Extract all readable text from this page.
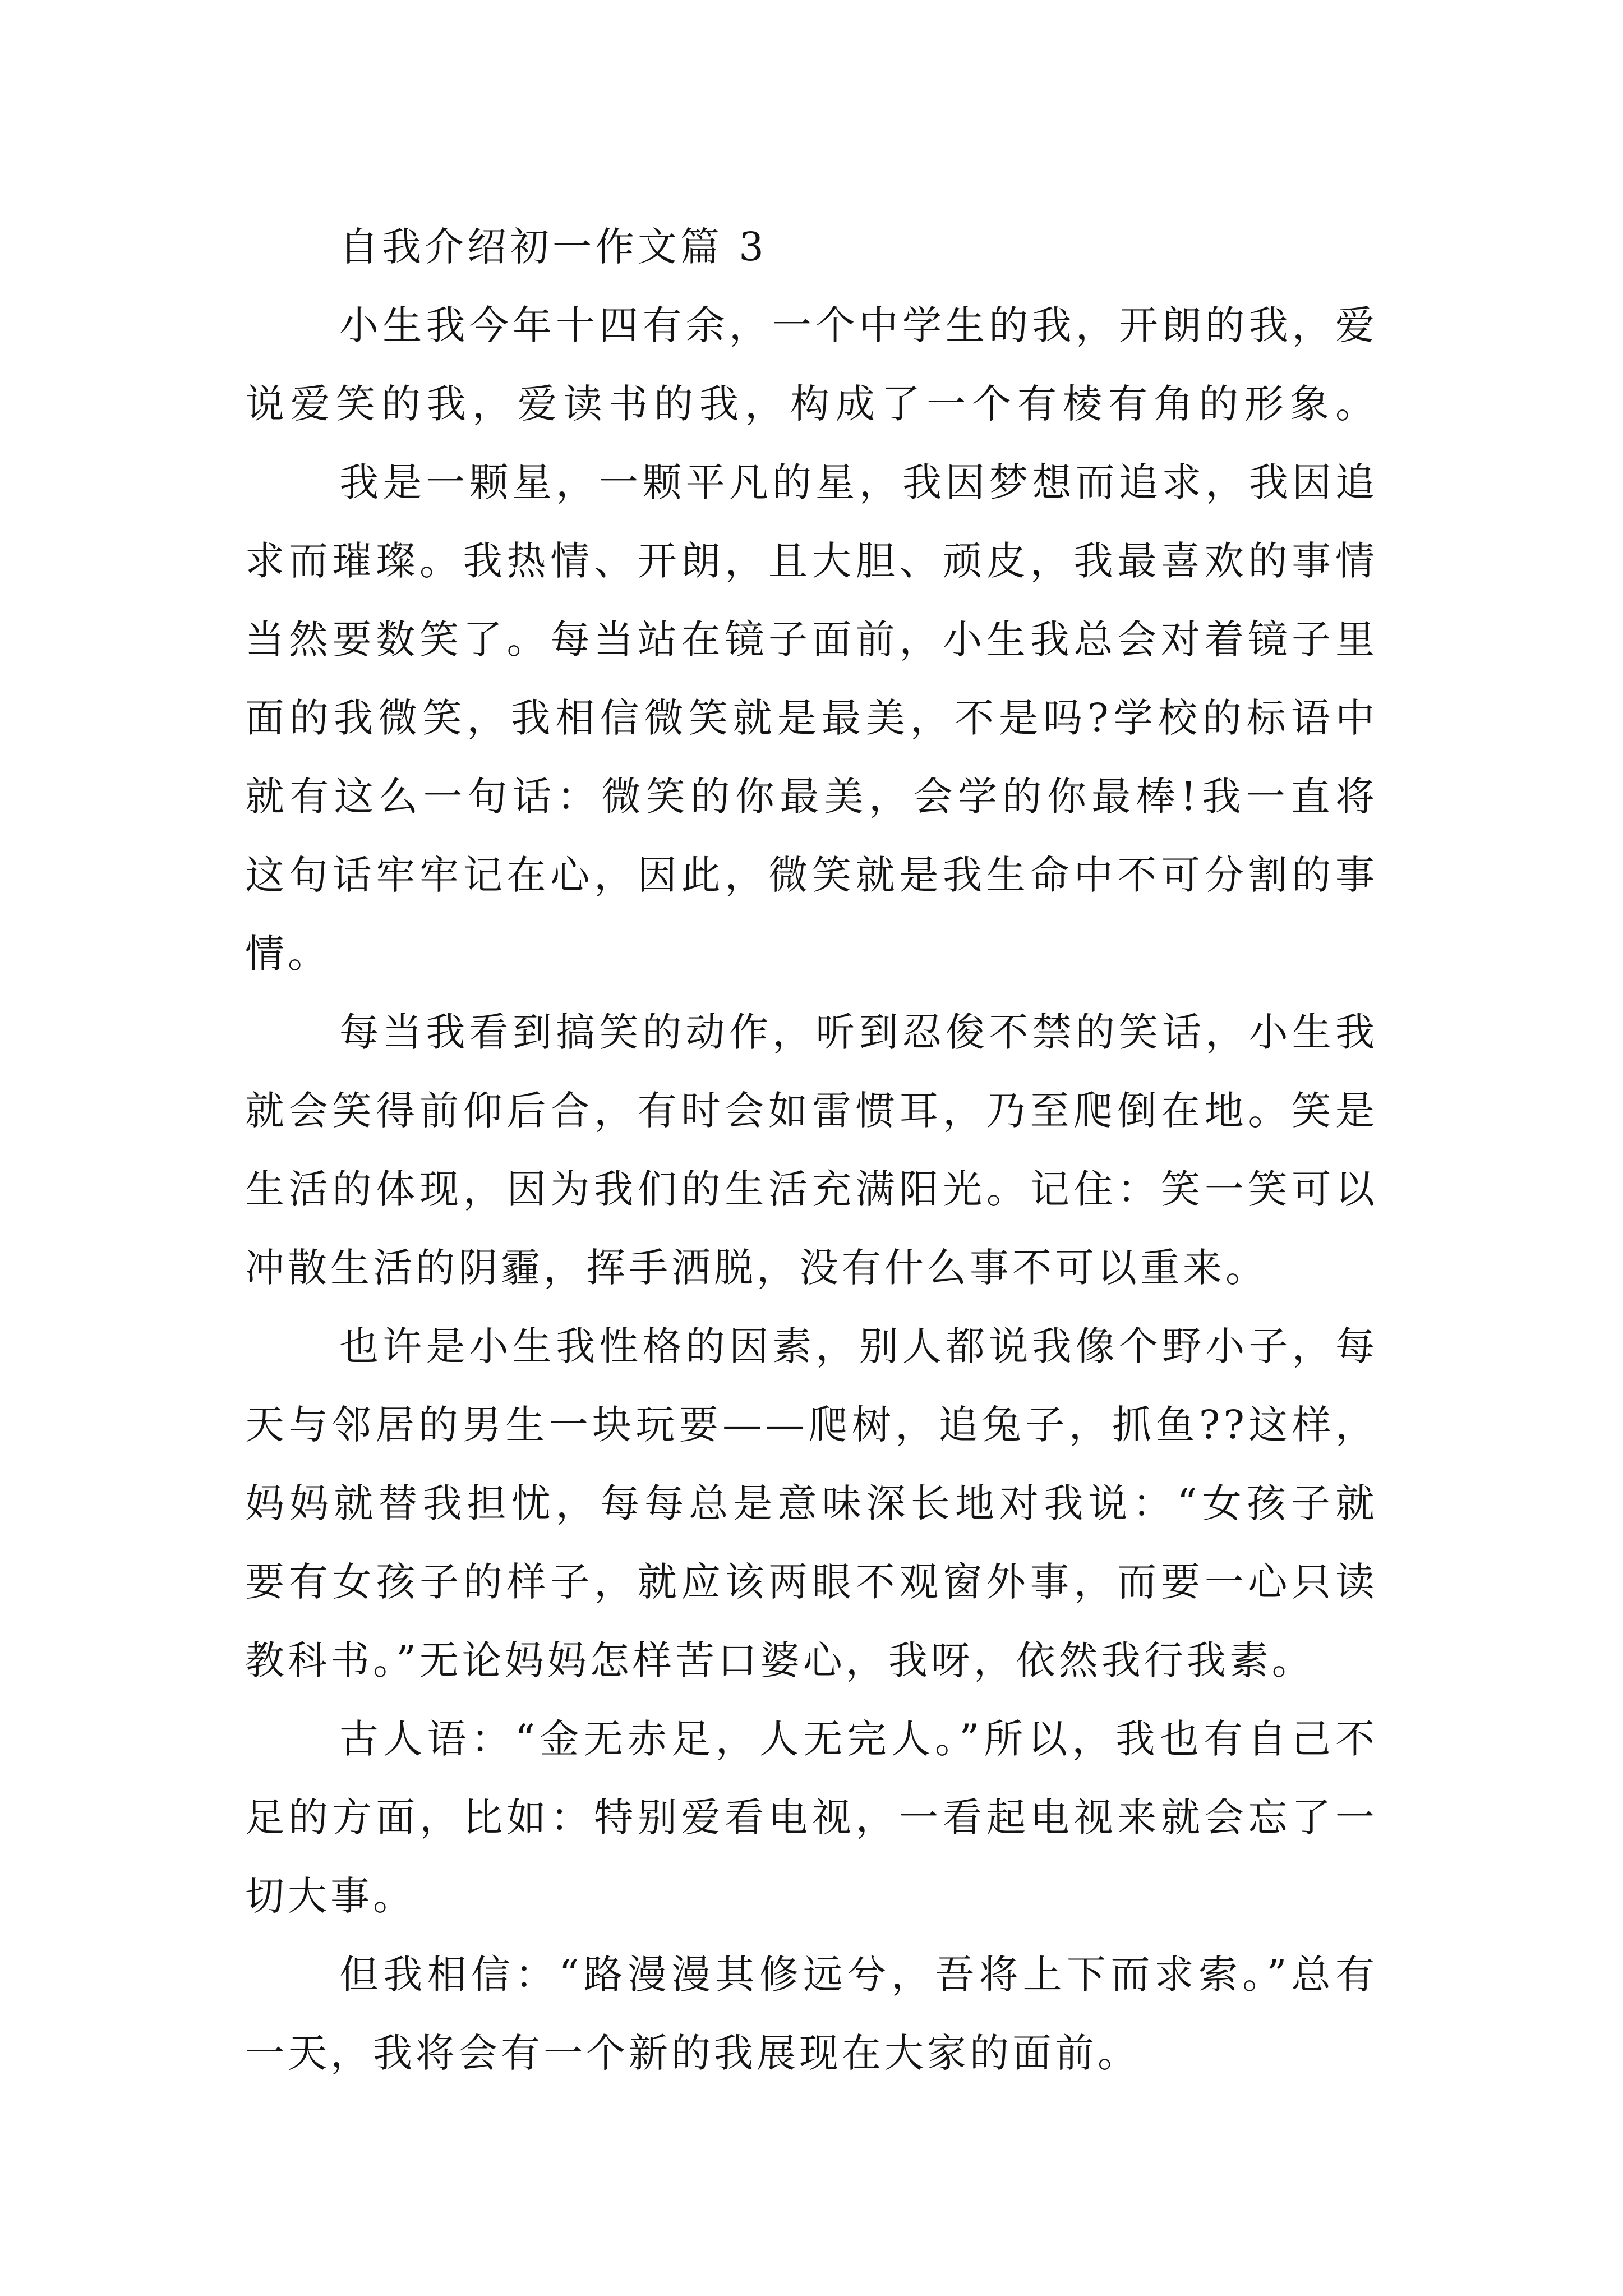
自我介绍初一作文篇 3
小生我今年十四有余，一个中学生的我，开朗的我，爱
说爱笑的我，爱读书的我，构成了一个有棱有角的形象。
我是一颗星，一颗平凡的星，我因梦想而追求，我因追
求而璀璨。我热情、开朗，且大胆、顽皮，我最喜欢的事情
当然要数笑了。每当站在镜子面前，小生我总会对着镜子里
面的我微笑，我相信微笑就是最美，不是吗?学校的标语中
就有这么一句话：微笑的你最美，会学的你最棒!我一直将
这句话牢牢记在心，因此，微笑就是我生命中不可分割的事
情。
每当我看到搞笑的动作，听到忍俊不禁的笑话，小生我
就会笑得前仰后合，有时会如雷惯耳，乃至爬倒在地。笑是
生活的体现，因为我们的生活充满阳光。记住：笑一笑可以
冲散生活的阴霾，挥手洒脱，没有什么事不可以重来。
也许是小生我性格的因素，别人都说我像个野小子，每
天与邻居的男生一块玩要——爬树，追兔子，抓鱼??这样，
妈妈就替我担忧，每每总是意味深长地对我说：“女孩子就
要有女孩子的样子，就应该两眼不观窗外事，而要一心只读
教科书。”无论妈妈怎样苦口婆心，我呀，依然我行我素。
古人语：“金无赤足，人无完人。”所以，我也有自己不
足的方面，比如：特别爱看电视，一看起电视来就会忘了一
切大事。
但我相信：“路漫漫其修远兮，吾将上下而求索。”总有
一天，我将会有一个新的我展现在大家的面前。
